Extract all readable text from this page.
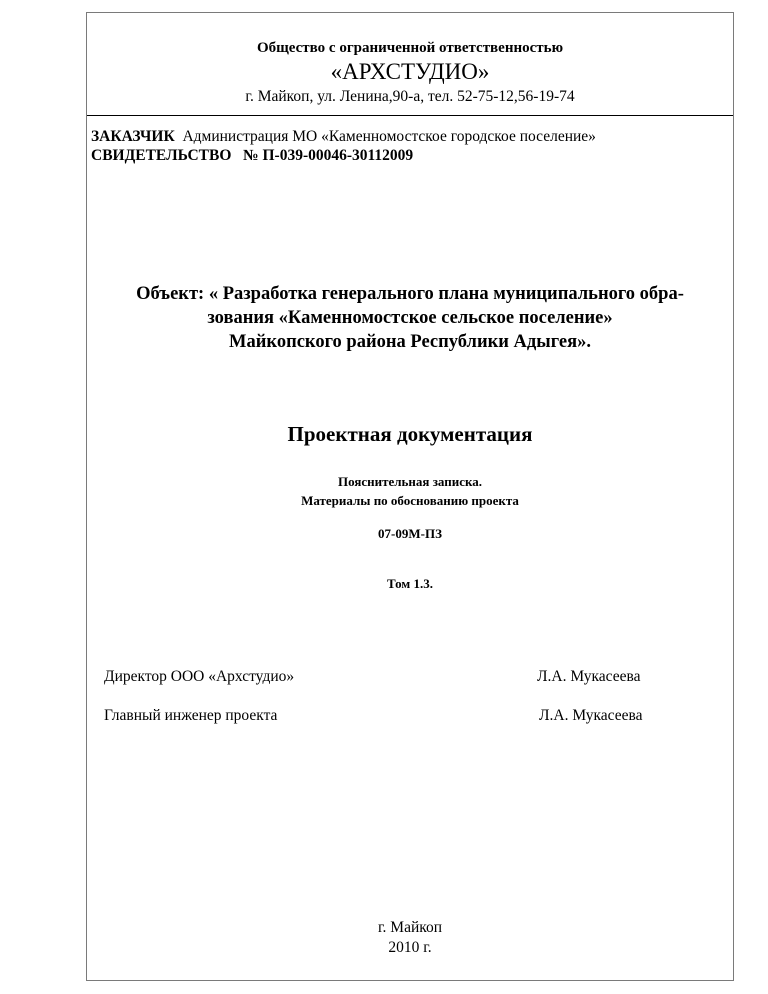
Общество с ограниченной ответственностью
«АРХСТУДИО»
г. Майкоп, ул. Ленина,90-а, тел. 52-75-12,56-19-74
ЗАКАЗЧИК Администрация МО «Каменномостское городское поселение»
СВИДЕТЕЛЬСТВО № П-039-00046-30112009
Объект: « Разработка генерального плана муниципального обра-
зования «Каменномостское сельское поселение»
Майкопского района Республики Адыгея».
Проектная документация
Пояснительная записка.
Материалы по обоснованию проекта
07-09М-ПЗ
Том 1.3.
Директор ООО «Архстудио»	Л.А. Мукасеева
Главный инженер проекта	Л.А. Мукасеева
г. Майкоп
2010 г.
